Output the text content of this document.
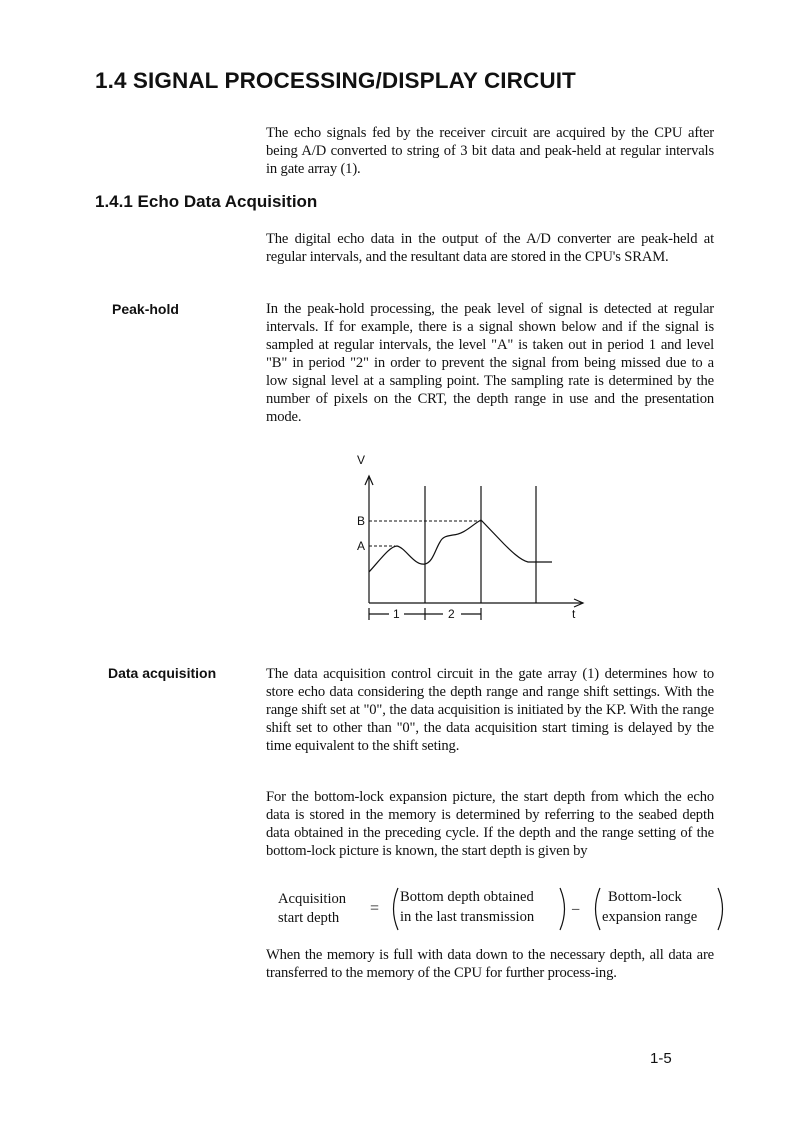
1.4 SIGNAL PROCESSING/DISPLAY CIRCUIT

The echo signals fed by the receiver circuit are acquired by the CPU after being A/D converted to string of 3 bit data and peak-held at regular intervals in gate array (1).

1.4.1 Echo Data Acquisition

The digital echo data in the output of the A/D converter are peak-held at regular intervals, and the resultant data are stored in the CPU's SRAM.

Peak-hold	In the peak-hold processing, the peak level of signal is detected at regular intervals. If for example, there is a signal shown below and if the signal is sampled at regular intervals, the level "A" is taken out in period 1 and level "B" in period "2" in order to prevent the signal from being missed due to a low signal level at a sampling point. The sampling rate is determined by the number of pixels on the CRT, the depth range in use and the presentation mode.

V
B
A
1	2	t
Data acquisition	The data acquisition control circuit in the gate array (1) determines how to store echo data considering the depth range and range shift settings. With the range shift set at "0", the data acquisition is initiated by the KP. With the range shift set to other than "0", the data acquisition start timing is delayed by the time equivalent to the shift seting.

For the bottom-lock expansion picture, the start depth from which the echo data is stored in the memory is determined by referring to the seabed depth data obtained in the preceding cycle. If the depth and the range setting of the bottom-lock picture is known, the start depth is given by

Acquisition
start depth
=
Bottom depth obtained
in the last transmission	–
Bottom-lock
expansion range

When the memory is full with data down to the necessary depth, all data are transferred to the memory of the CPU for further process-ing.

1-5
